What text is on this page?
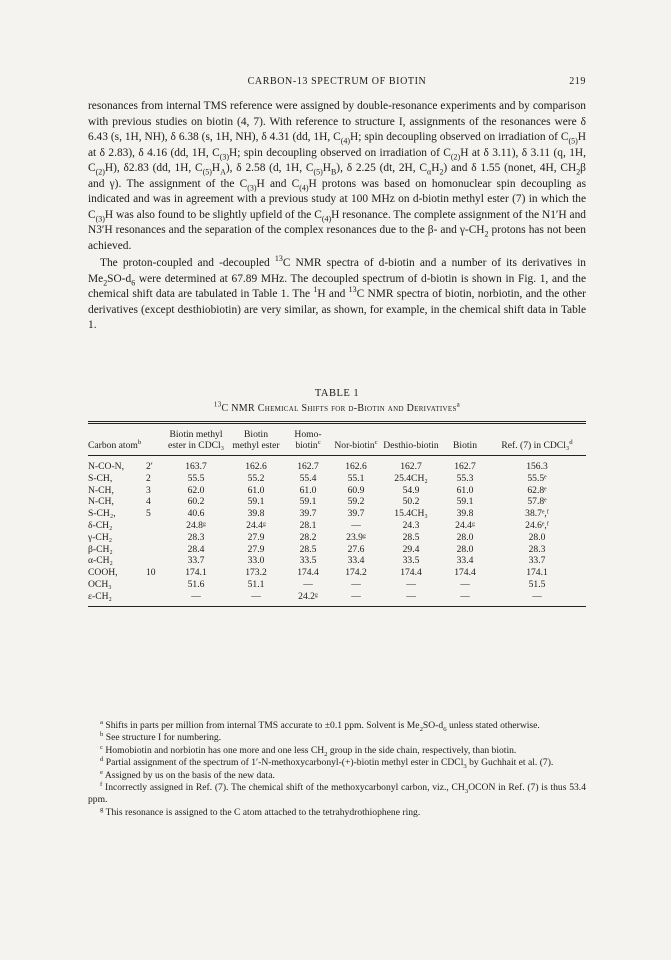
CARBON-13 SPECTRUM OF BIOTIN	219

resonances from internal TMS reference were assigned by double-resonance experiments and by comparison with previous studies on biotin (4, 7). With reference to structure I, assignments of the resonances were δ 6.43 (s, 1H, NH), δ 6.38 (s, 1H, NH), δ 4.31 (dd, 1H, $C_{(4)}H$; spin decoupling observed on irradiation of $C_{(5)}H$ at δ 2.83), δ 4.16 (dd, 1H, $C_{(3)}H$; spin decoupling observed on irradiation of $C_{(2)}H$ at δ 3.11), δ 3.11 (q, 1H, $C_{(2)}H$), δ2.83 (dd, 1H, $C_{(5)}H_A$), δ 2.58 (d, 1H, $C_{(5)}H_B$), δ 2.25 (dt, 2H, $C_\alpha H_2$) and δ 1.55 (nonet, 4H, $CH_2\beta$ and γ). The assignment of the $C_{(3)}H$ and $C_{(4)}H$ protons was based on homonuclear spin decoupling as indicated and was in agreement with a previous study at 100 MHz on d-biotin methyl ester (7) in which the $C_{(3)}H$ was also found to be slightly upfield of the $C_{(4)}H$ resonance. The complete assignment of the N1′H and N3′H resonances and the separation of the complex resonances due to the β- and $\gamma-CH_2$ protons has not been achieved.

The proton-coupled and -decoupled $^{13}$C NMR spectra of d-biotin and a number of its derivatives in $Me_2SO-d_6$ were determined at 67.89 MHz. The decoupled spectrum of d-biotin is shown in Fig. 1, and the chemical shift data are tabulated in Table 1. The $^1$H and $^{13}$C NMR spectra of biotin, norbiotin, and the other derivatives (except desthiobiotin) are very similar, as shown, for example, in the chemical shift data in Table 1.

TABLE 1
$^{13}$C NMR Chemical Shifts for d-Biotin and Derivatives$^a$
Carbon atom$^b$		Biotin methyl ester in CDCl₃	Biotin methyl ester	Homo-biotin$^c$	Nor-biotin$^c$	Desthio-biotin	Biotin	Ref. (7) in CDCl₃$^d$
N-CO-N,	2′	163.7	162.6	162.7	162.6	162.7	162.7	156.3
S-CH,	2	55.5	55.2	55.4	55.1	25.4CH₂	55.3	55.5ᵉ
N-CH,	3	62.0	61.0	61.0	60.9	54.9	61.0	62.8ᵉ
N-CH,	4	60.2	59.1	59.1	59.2	50.2	59.1	57.8ᵉ
S-CH₂,	5	40.6	39.8	39.7	39.7	15.4CH₃	39.8	38.7ᵉ,ᶠ
δ-CH₂		24.8ᵍ	24.4ᵍ	28.1	—	24.3	24.4ᵍ	24.6ᵉ,ᶠ
γ-CH₂		28.3	27.9	28.2	23.9ᵍ	28.5	28.0	28.0
β-CH₂		28.4	27.9	28.5	27.6	29.4	28.0	28.3
α-CH₂		33.7	33.0	33.5	33.4	33.5	33.4	33.7
COOH,	10	174.1	173.2	174.4	174.2	174.4	174.4	174.1
OCH₃		51.6	51.1	—	—	—	—	51.5
ε-CH₂		—	—	24.2ᵍ	—	—	—	—

$^a$ Shifts in parts per million from internal TMS accurate to ±0.1 ppm. Solvent is $Me_2SO-d_6$ unless stated otherwise.

$^b$ See structure I for numbering.

$^c$ Homobiotin and norbiotin has one more and one less $CH_2$ group in the side chain, respectively, than biotin.

$^d$ Partial assignment of the spectrum of 1′-N-methoxycarbonyl-(+)-biotin methyl ester in CDCl$_3$ by Guchhait et al. (7).

$^e$ Assigned by us on the basis of the new data.

$^f$ Incorrectly assigned in Ref. (7). The chemical shift of the methoxycarbonyl carbon, viz., $CH_3OCON$ in Ref. (7) is thus 53.4 ppm.

$^g$ This resonance is assigned to the C atom attached to the tetrahydrothiophene ring.
